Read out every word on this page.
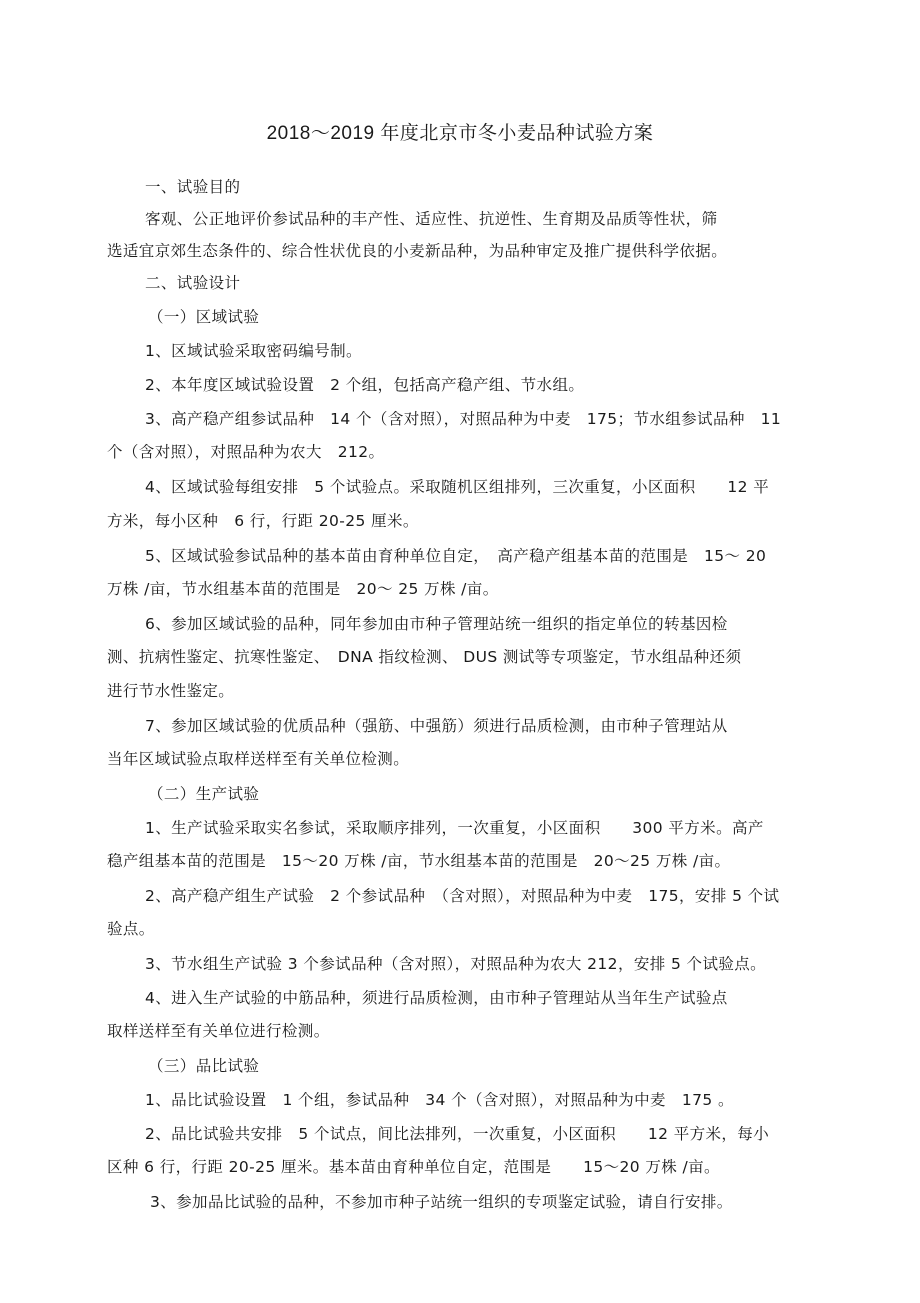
2018～2019 年度北京市冬小麦品种试验方案

一、试验目的

客观、公正地评价参试品种的丰产性、适应性、抗逆性、生育期及品质等性状，筛

选适宜京郊生态条件的、综合性状优良的小麦新品种，为品种审定及推广提供科学依据。

二、试验设计

（一）区域试验

1、区域试验采取密码编号制。

2、本年度区域试验设置　2 个组，包括高产稳产组、节水组。

3、高产稳产组参试品种　14 个（含对照），对照品种为中麦　175；节水组参试品种　11

个（含对照），对照品种为农大　212。

4、区域试验每组安排　5 个试验点。采取随机区组排列，三次重复，小区面积　　12 平

方米，每小区种　6 行，行距 20-25 厘米。

5、区域试验参试品种的基本苗由育种单位自定，　高产稳产组基本苗的范围是　15～ 20

万株 /亩，节水组基本苗的范围是　20～ 25 万株 /亩。

6、参加区域试验的品种，同年参加由市种子管理站统一组织的指定单位的转基因检

测、抗病性鉴定、抗寒性鉴定、　DNA 指纹检测、 DUS 测试等专项鉴定，节水组品种还须

进行节水性鉴定。

7、参加区域试验的优质品种（强筋、中强筋）须进行品质检测，由市种子管理站从

当年区域试验点取样送样至有关单位检测。

（二）生产试验

1、生产试验采取实名参试，采取顺序排列，一次重复，小区面积　　300 平方米。高产

稳产组基本苗的范围是　15～20 万株 /亩，节水组基本苗的范围是　20～25 万株 /亩。

2、高产稳产组生产试验　2 个参试品种　（含对照），对照品种为中麦　175，安排 5 个试

验点。

3、节水组生产试验 3 个参试品种（含对照），对照品种为农大 212，安排 5 个试验点。

4、进入生产试验的中筋品种，须进行品质检测，由市种子管理站从当年生产试验点

取样送样至有关单位进行检测。

（三）品比试验

1、品比试验设置　1 个组，参试品种　34 个（含对照），对照品种为中麦　175 。

2、品比试验共安排　5 个试点，间比法排列，一次重复，小区面积　　12 平方米，每小

区种 6 行，行距 20-25 厘米。基本苗由育种单位自定，范围是　　15～20 万株 /亩。

3、参加品比试验的品种，不参加市种子站统一组织的专项鉴定试验，请自行安排。
